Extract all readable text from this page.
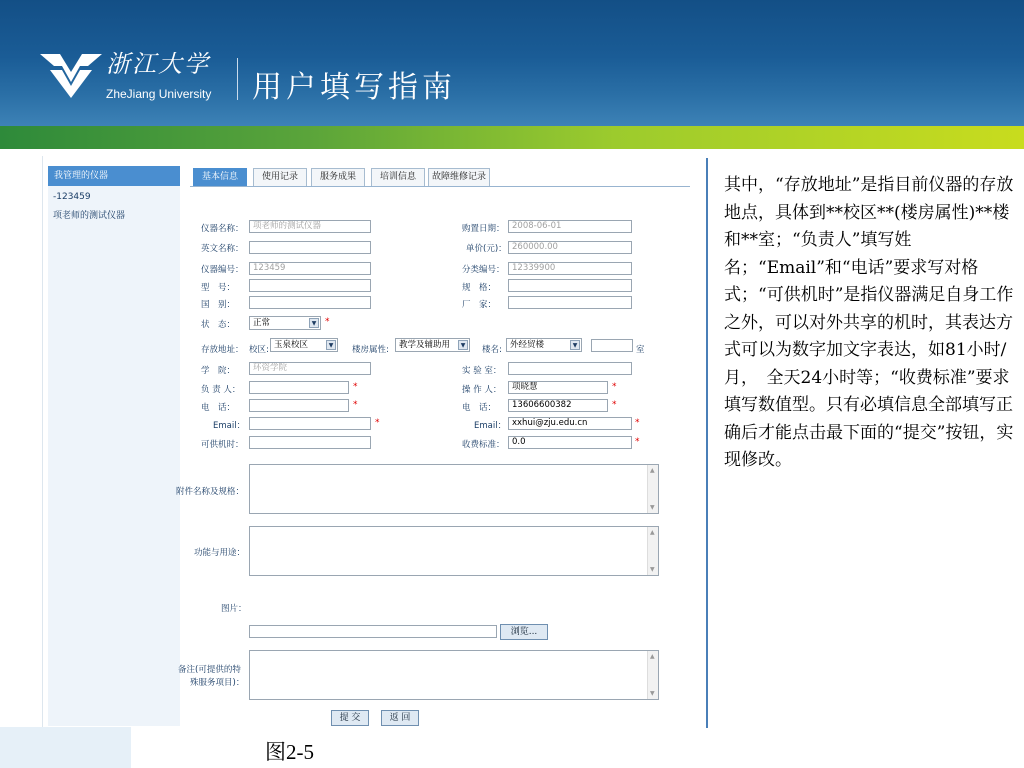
浙江大学
ZheJiang University 用户填写指南
我管理的仪器
-123459
项老师的测试仪器
基本信息	使用记录	服务成果	培训信息	故障维修记录
仪器名称：	项老师的测试仪器
英文名称：
仪器编号：	123459
型　号：
国　别：
状　态：	正常	▼ *
存放地址： 校区: 玉泉校区	▼	楼房属性:	教学及辅助用	▼	楼名: 外经贸楼	▼	室
学　院：	环资学院
负 责 人：	*
电　话：	*
Email：	*
可供机时：
购置日期： 2008-06-01
单价(元)： 260000.00
分类编号： 12339900
规　格：
厂　家：
实 验 室：
操 作 人：	项晓慧	*
电　话：	13606600382	*
Email： xxhui@zju.edu.cn	*
收费标准： 0.0	*
附件名称及规格：
▲
▼
功能与用途：
▲
▼
图片：
浏览...
备注(可提供的特
殊服务项目)：
▲
▼
提 交	返 回
图2-5
其中，“存放地址”是指目前仪器的存放地点，具体到**校区**(楼房属性)**楼和**室；“负责人”填写姓名；“Email”和“电话”要求写对格式；“可供机时”是指仪器满足自身工作之外，可以对外共享的机时，其表达方式可以为数字加文字表达，如81小时/月，　全天24小时等；“收费标准”要求填写数值型。只有必填信息全部填写正确后才能点击最下面的“提交”按钮，实现修改。
